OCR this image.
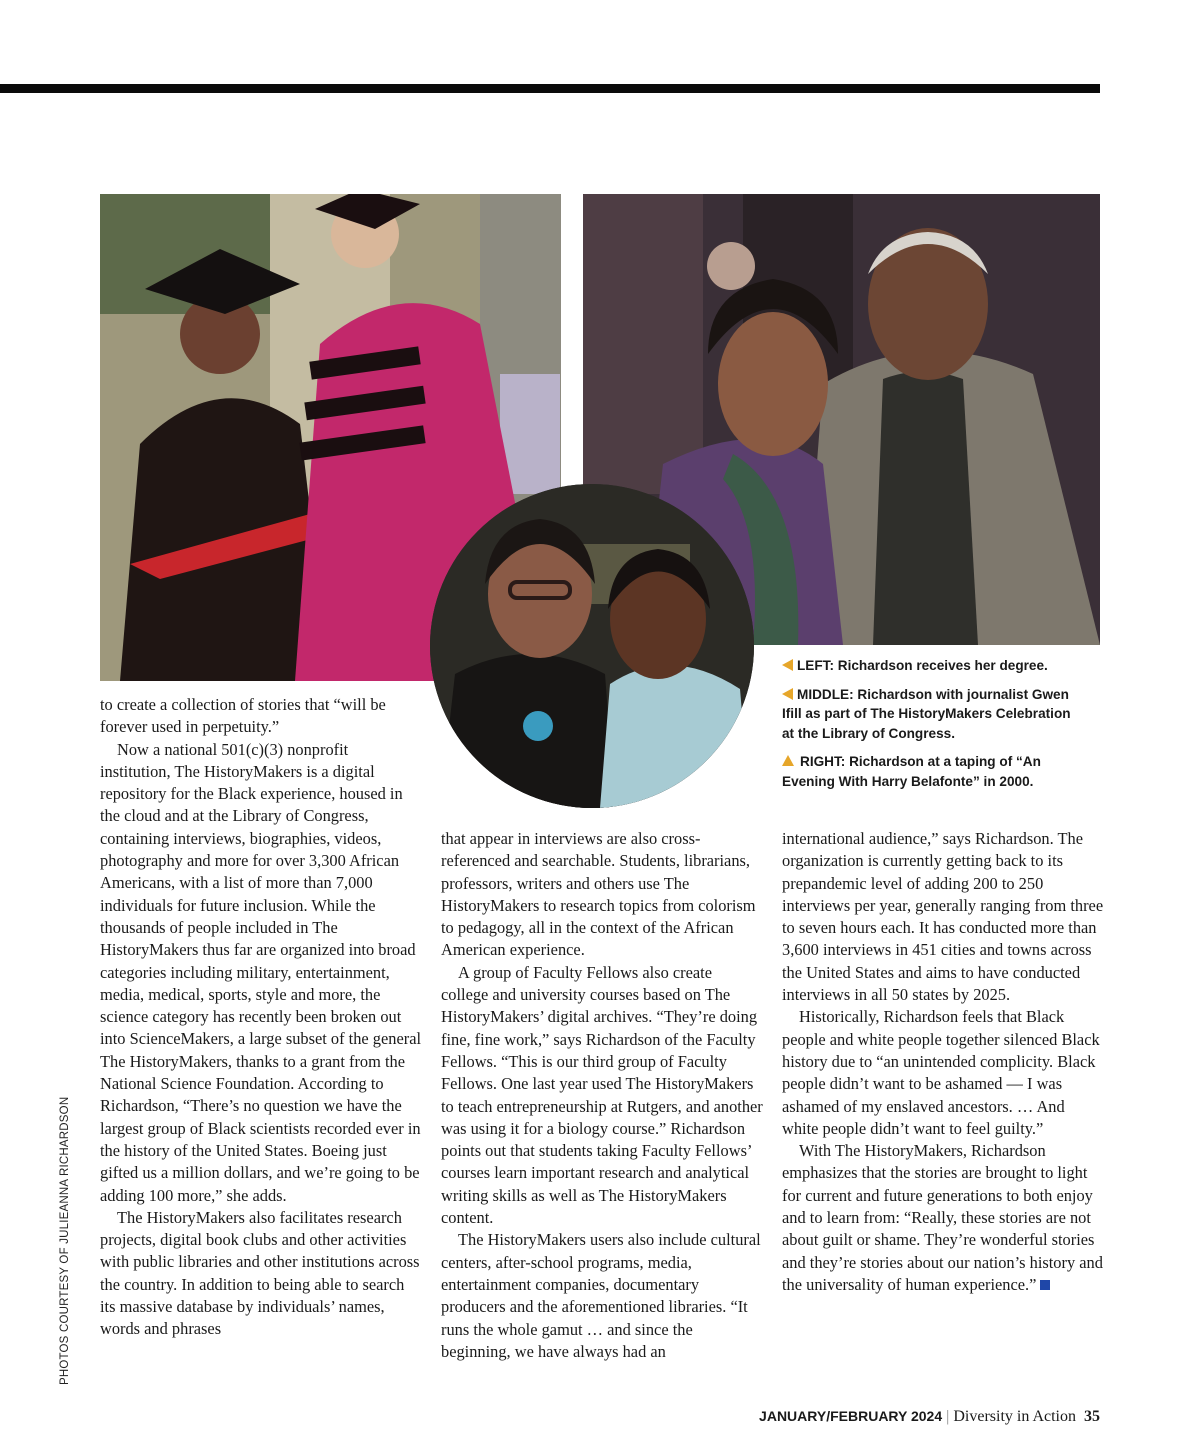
LEFT: Richardson receives her degree.

MIDDLE: Richardson with journalist Gwen Ifill as part of The HistoryMakers Celebration at the Library of Congress.

RIGHT: Richardson at a taping of “An Evening With Harry Belafonte” in 2000.

to create a collection of stories that “will be forever used in perpetuity.”

Now a national 501(c)(3) nonprofit institution, The HistoryMakers is a digital repository for the Black experience, housed in the cloud and at the Library of Congress, containing interviews, biographies, videos, photography and more for over 3,300 African Americans, with a list of more than 7,000 individuals for future inclusion. While the thousands of people included in The HistoryMakers thus far are organized into broad categories including military, entertainment, media, medical, sports, style and more, the science category has recently been broken out into ScienceMakers, a large subset of the general The HistoryMakers, thanks to a grant from the National Science Foundation. According to Richardson, “There’s no question we have the largest group of Black scientists recorded ever in the history of the United States. Boeing just gifted us a million dollars, and we’re going to be adding 100 more,” she adds.

The HistoryMakers also facilitates research projects, digital book clubs and other activities with public libraries and other institutions across the country. In addition to being able to search its massive database by individuals’ names, words and phrases

that appear in interviews are also cross-referenced and searchable. Students, librarians, professors, writers and others use The HistoryMakers to research topics from colorism to pedagogy, all in the context of the African American experience.

A group of Faculty Fellows also create college and university courses based on The HistoryMakers’ digital archives. “They’re doing fine, fine work,” says Richardson of the Faculty Fellows. “This is our third group of Faculty Fellows. One last year used The HistoryMakers to teach entrepreneurship at Rutgers, and another was using it for a biology course.” Richardson points out that students taking Faculty Fellows’ courses learn important research and analytical writing skills as well as The HistoryMakers content.

The HistoryMakers users also include cultural centers, after-school programs, media, entertainment companies, documentary producers and the aforementioned libraries. “It runs the whole gamut … and since the beginning, we have always had an

international audience,” says Richardson. The organization is currently getting back to its prepandemic level of adding 200 to 250 interviews per year, generally ranging from three to seven hours each. It has conducted more than 3,600 interviews in 451 cities and towns across the United States and aims to have conducted interviews in all 50 states by 2025.

Historically, Richardson feels that Black people and white people together silenced Black history due to “an unintended complicity. Black people didn’t want to be ashamed — I was ashamed of my enslaved ancestors. … And white people didn’t want to feel guilty.”

With The HistoryMakers, Richardson emphasizes that the stories are brought to light for current and future generations to both enjoy and to learn from: “Really, these stories are not about guilt or shame. They’re wonderful stories and they’re stories about our nation’s history and the universality of human experience.”

PHOTOS COURTESY OF JULIEANNA RICHARDSON
JANUARY/FEBRUARY 2024 | Diversity in Action 35
